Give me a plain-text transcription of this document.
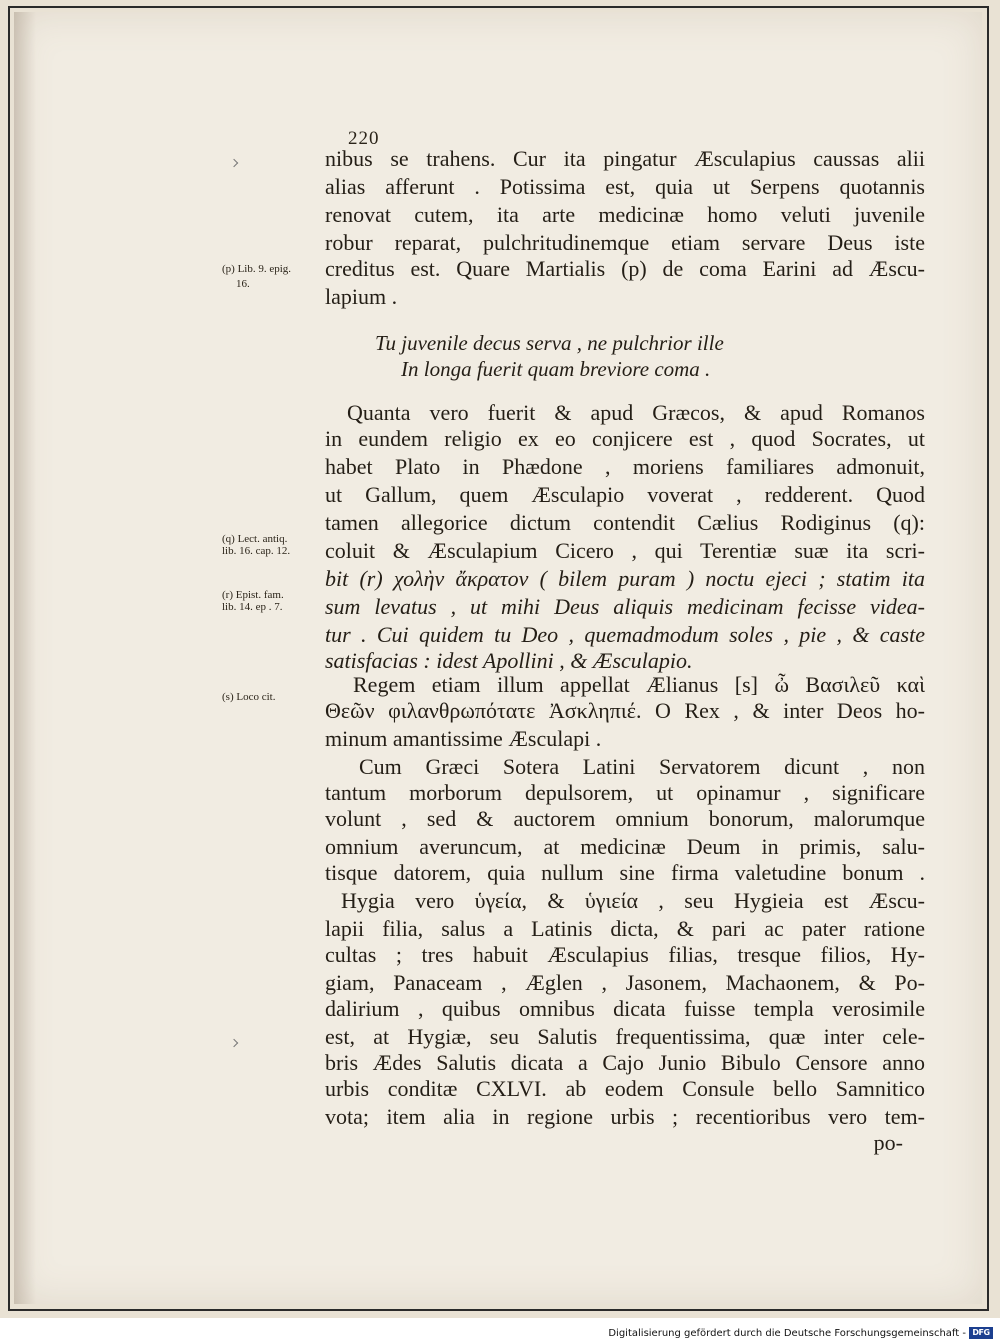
220
(p) Lib. 9. epig.
16.
(q) Lect. antiq.
lib. 16. cap. 12.
(r) Epist. fam.
lib. 14. ep . 7.
(s) Loco cit.
nibus se trahens. Cur ita pingatur Æsculapius caussas alii
alias afferunt . Potissima est, quia ut Serpens quotannis
renovat cutem, ita arte medicinæ homo veluti juvenile
robur reparat, pulchritudinemque etiam servare Deus iste
creditus est. Quare Martialis (p) de coma Earini ad Æscu-
lapium .
Quanta vero fuerit & apud Græcos, & apud Romanos
in eundem religio ex eo conjicere est , quod Socrates, ut
habet Plato in Phædone , moriens familiares admonuit,
ut Gallum, quem Æsculapio voverat , redderent. Quod
tamen allegorice dictum contendit Cælius Rodiginus (q):
coluit & Æsculapium Cicero , qui Terentiæ suæ ita scri-
bit (r) χολὴν ἄκρατον ( bilem puram ) noctu ejeci ; statim ita
sum levatus , ut mihi Deus aliquis medicinam fecisse videa-
tur . Cui quidem tu Deo , quemadmodum soles , pie , & caste
satisfacias : idest Apollini , & Æsculapio.
Regem etiam illum appellat Ælianus [s] ὦ Βασιλεῦ καὶ
Θεῶν φιλανθρωπότατε Ἀσκληπιέ. O Rex , & inter Deos ho-
minum amantissime Æsculapi .
Cum Græci Sotera Latini Servatorem dicunt , non
tantum morborum depulsorem, ut opinamur , significare
volunt , sed & auctorem omnium bonorum, malorumque
omnium averuncum, at medicinæ Deum in primis, salu-
tisque datorem, quia nullum sine firma valetudine bonum .
Hygia vero ὑγεία, & ὑγιεία , seu Hygieia est Æscu-
lapii filia, salus a Latinis dicta, & pari ac pater ratione
cultas ; tres habuit Æsculapius filias, tresque filios, Hy-
giam, Panaceam , Æglen , Jasonem, Machaonem, & Po-
dalirium , quibus omnibus dicata fuisse templa verosimile
est, at Hygiæ, seu Salutis frequentissima, quæ inter cele-
bris Ædes Salutis dicata a Cajo Junio Bibulo Censore anno
urbis conditæ CXLVI. ab eodem Consule bello Samnitico
vota; item alia in regione urbis ; recentioribus vero tem-
po-
Tu juvenile decus serva , ne pulchrior ille
In longa fuerit quam breviore coma .
Digitalisierung gefördert durch die Deutsche Forschungsgemeinschaft - DFG
